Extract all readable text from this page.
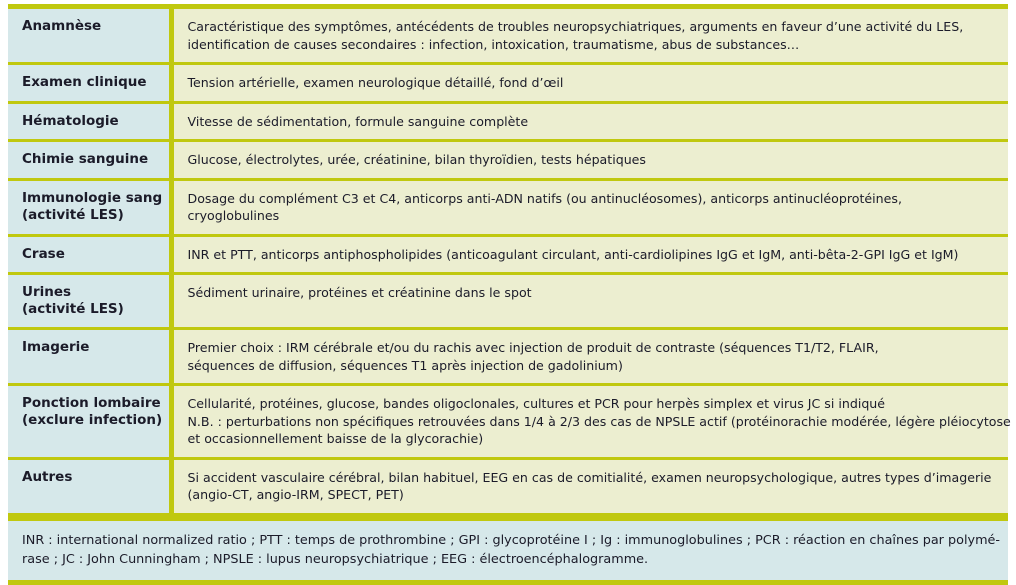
Anamnèse	Caractéristique des symptômes, antécédents de troubles neuropsychiatriques, arguments en faveur d’une activité du LES,
identification de causes secondaires : infection, intoxication, traumatisme, abus de substances…

Examen clinique	Tension artérielle, examen neurologique détaillé, fond d’œil

Hématologie	Vitesse de sédimentation, formule sanguine complète

Chimie sanguine	Glucose, électrolytes, urée, créatinine, bilan thyroïdien, tests hépatiques

Immunologie sang
(activité LES)	Dosage du complément C3 et C4, anticorps anti-ADN natifs (ou antinucléosomes), anticorps antinucléoprotéines,
cryoglobulines

Crase	INR et PTT, anticorps antiphospholipides (anticoagulant circulant, anti-cardiolipines IgG et IgM, anti-bêta-2-GPI IgG et IgM)

Urines
(activité LES)	Sédiment urinaire, protéines et créatinine dans le spot

Imagerie	Premier choix : IRM cérébrale et/ou du rachis avec injection de produit de contraste (séquences T1/T2, FLAIR,
séquences de diffusion, séquences T1 après injection de gadolinium)

Ponction lombaire
(exclure infection)	Cellularité, protéines, glucose, bandes oligoclonales, cultures et PCR pour herpès simplex et virus JC si indiqué
N.B. : perturbations non spécifiques retrouvées dans 1/4 à 2/3 des cas de NPSLE actif (protéinorachie modérée, légère pléiocytose
et occasionnellement baisse de la glycorachie)

Autres	Si accident vasculaire cérébral, bilan habituel, EEG en cas de comitialité, examen neuropsychologique, autres types d’imagerie
(angio-CT, angio-IRM, SPECT, PET)
INR : international normalized ratio ; PTT : temps de prothrombine ; GPI : glycoprotéine I ; Ig : immunoglobulines ; PCR : réaction en chaînes par polymé-
rase ; JC : John Cunningham ; NPSLE : lupus neuropsychiatrique ; EEG : électroencéphalogramme.
